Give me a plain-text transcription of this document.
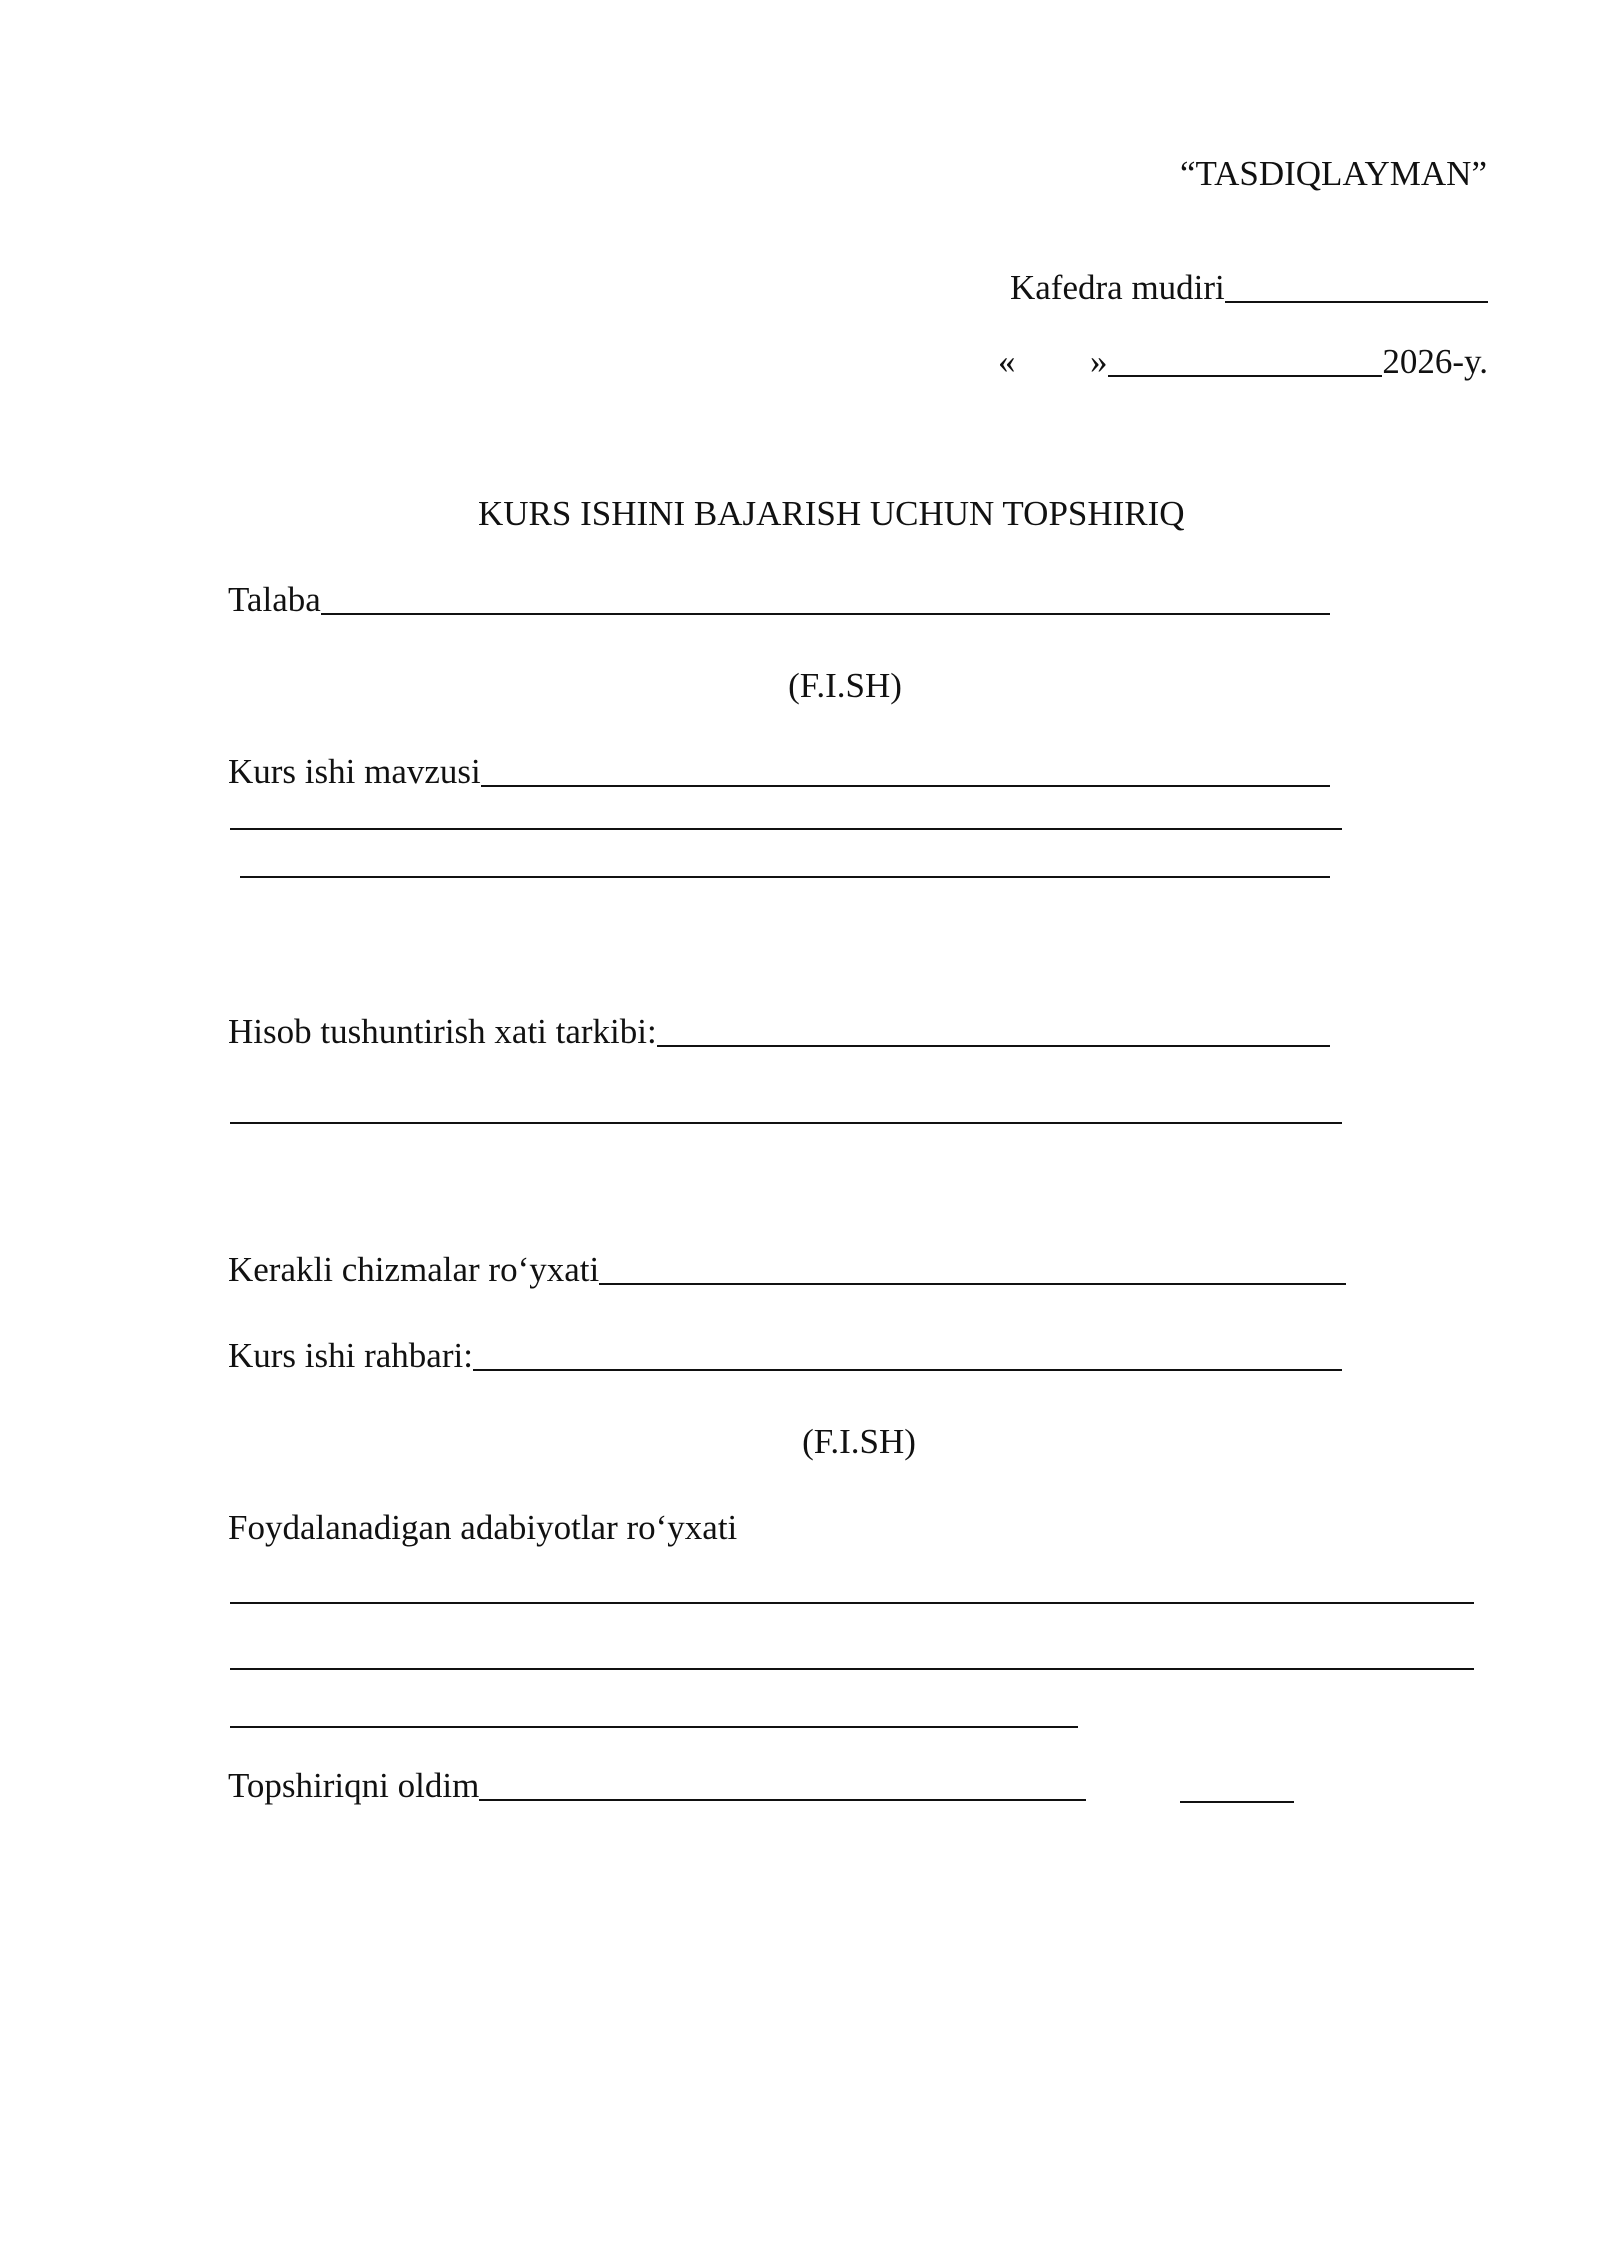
“TASDIQLAYMAN”
Kafedra mudiri
« »	2026-y.
KURS ISHINI BAJARISH UCHUN TOPSHIRIQ
Talaba
(F.I.SH)
Kurs ishi mavzusi
Hisob tushuntirish xati tarkibi:
Kerakli chizmalar ro‘yxati
Kurs ishi rahbari:
(F.I.SH)
Foydalanadigan adabiyotlar ro‘yxati
Topshiriqni oldim
